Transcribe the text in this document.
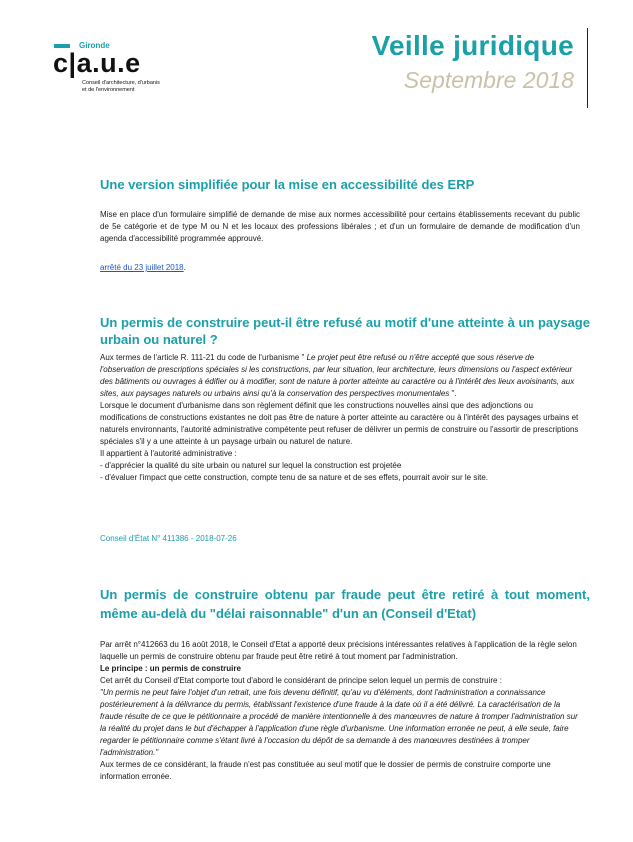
Gironde
c|a.u.e
Conseil d'architecture, d'urbanis
et de l'environnement
Veille juridique
Septembre 2018
Une version simplifiée pour la mise en accessibilité des ERP
Mise en place d'un formulaire simplifié de demande de mise aux normes accessibilité pour certains établissements recevant du public de 5e catégorie et de type M ou N et les locaux des professions libérales ; et d'un un formulaire de demande de modification d'un agenda d'accessibilité programmée approuvé.
arrêté du 23 juillet 2018.
Un permis de construire peut-il être refusé au motif d'une atteinte à un paysage urbain ou naturel ?
Aux termes de l'article R. 111-21 du code de l'urbanisme " Le projet peut être refusé ou n'être accepté que sous réserve de l'observation de prescriptions spéciales si les constructions, par leur situation, leur architecture, leurs dimensions ou l'aspect extérieur des bâtiments ou ouvrages à édifier ou à modifier, sont de nature à porter atteinte au caractère ou à l'intérêt des lieux avoisinants, aux sites, aux paysages naturels ou urbains ainsi qu'à la conservation des perspectives monumentales ".
Lorsque le document d'urbanisme dans son règlement définit que les constructions nouvelles ainsi que des adjonctions ou modifications de constructions existantes ne doit pas être de nature à porter atteinte au caractère ou à l'intérêt des paysages urbains et naturels environnants, l'autorité administrative compétente peut refuser de délivrer un permis de construire ou l'assortir de prescriptions spéciales s'il y a une atteinte à un paysage urbain ou naturel de nature.
Il appartient à l'autorité administrative :
- d'apprécier la qualité du site urbain ou naturel sur lequel la construction est projetée
- d'évaluer l'impact que cette construction, compte tenu de sa nature et de ses effets, pourrait avoir sur le site.
Conseil d'État N° 411386 - 2018-07-26
Un permis de construire obtenu par fraude peut être retiré à tout moment, même au-delà du "délai raisonnable" d'un an (Conseil d'Etat)
Par arrêt n°412663 du 16 août 2018, le Conseil d'Etat a apporté deux précisions intéressantes relatives à l'application de la règle selon laquelle un permis de construire obtenu par fraude peut être retiré à tout moment par l'administration.
Le principe : un permis de construire
Cet arrêt du Conseil d'Etat comporte tout d'abord le considérant de principe selon lequel un permis de construire :
"Un permis ne peut faire l'objet d'un retrait, une fois devenu définitif, qu'au vu d'éléments, dont l'administration a connaissance postérieurement à la délivrance du permis, établissant l'existence d'une fraude à la date où il a été délivré. La caractérisation de la fraude résulte de ce que le pétitionnaire a procédé de manière intentionnelle à des manœuvres de nature à tromper l'administration sur la réalité du projet dans le but d'échapper à l'application d'une règle d'urbanisme. Une information erronée ne peut, à elle seule, faire regarder le pétitionnaire comme s'étant livré à l'occasion du dépôt de sa demande à des manœuvres destinées à tromper l'administration."
Aux termes de ce considérant, la fraude n'est pas constituée au seul motif que le dossier de permis de construire comporte une information erronée.
